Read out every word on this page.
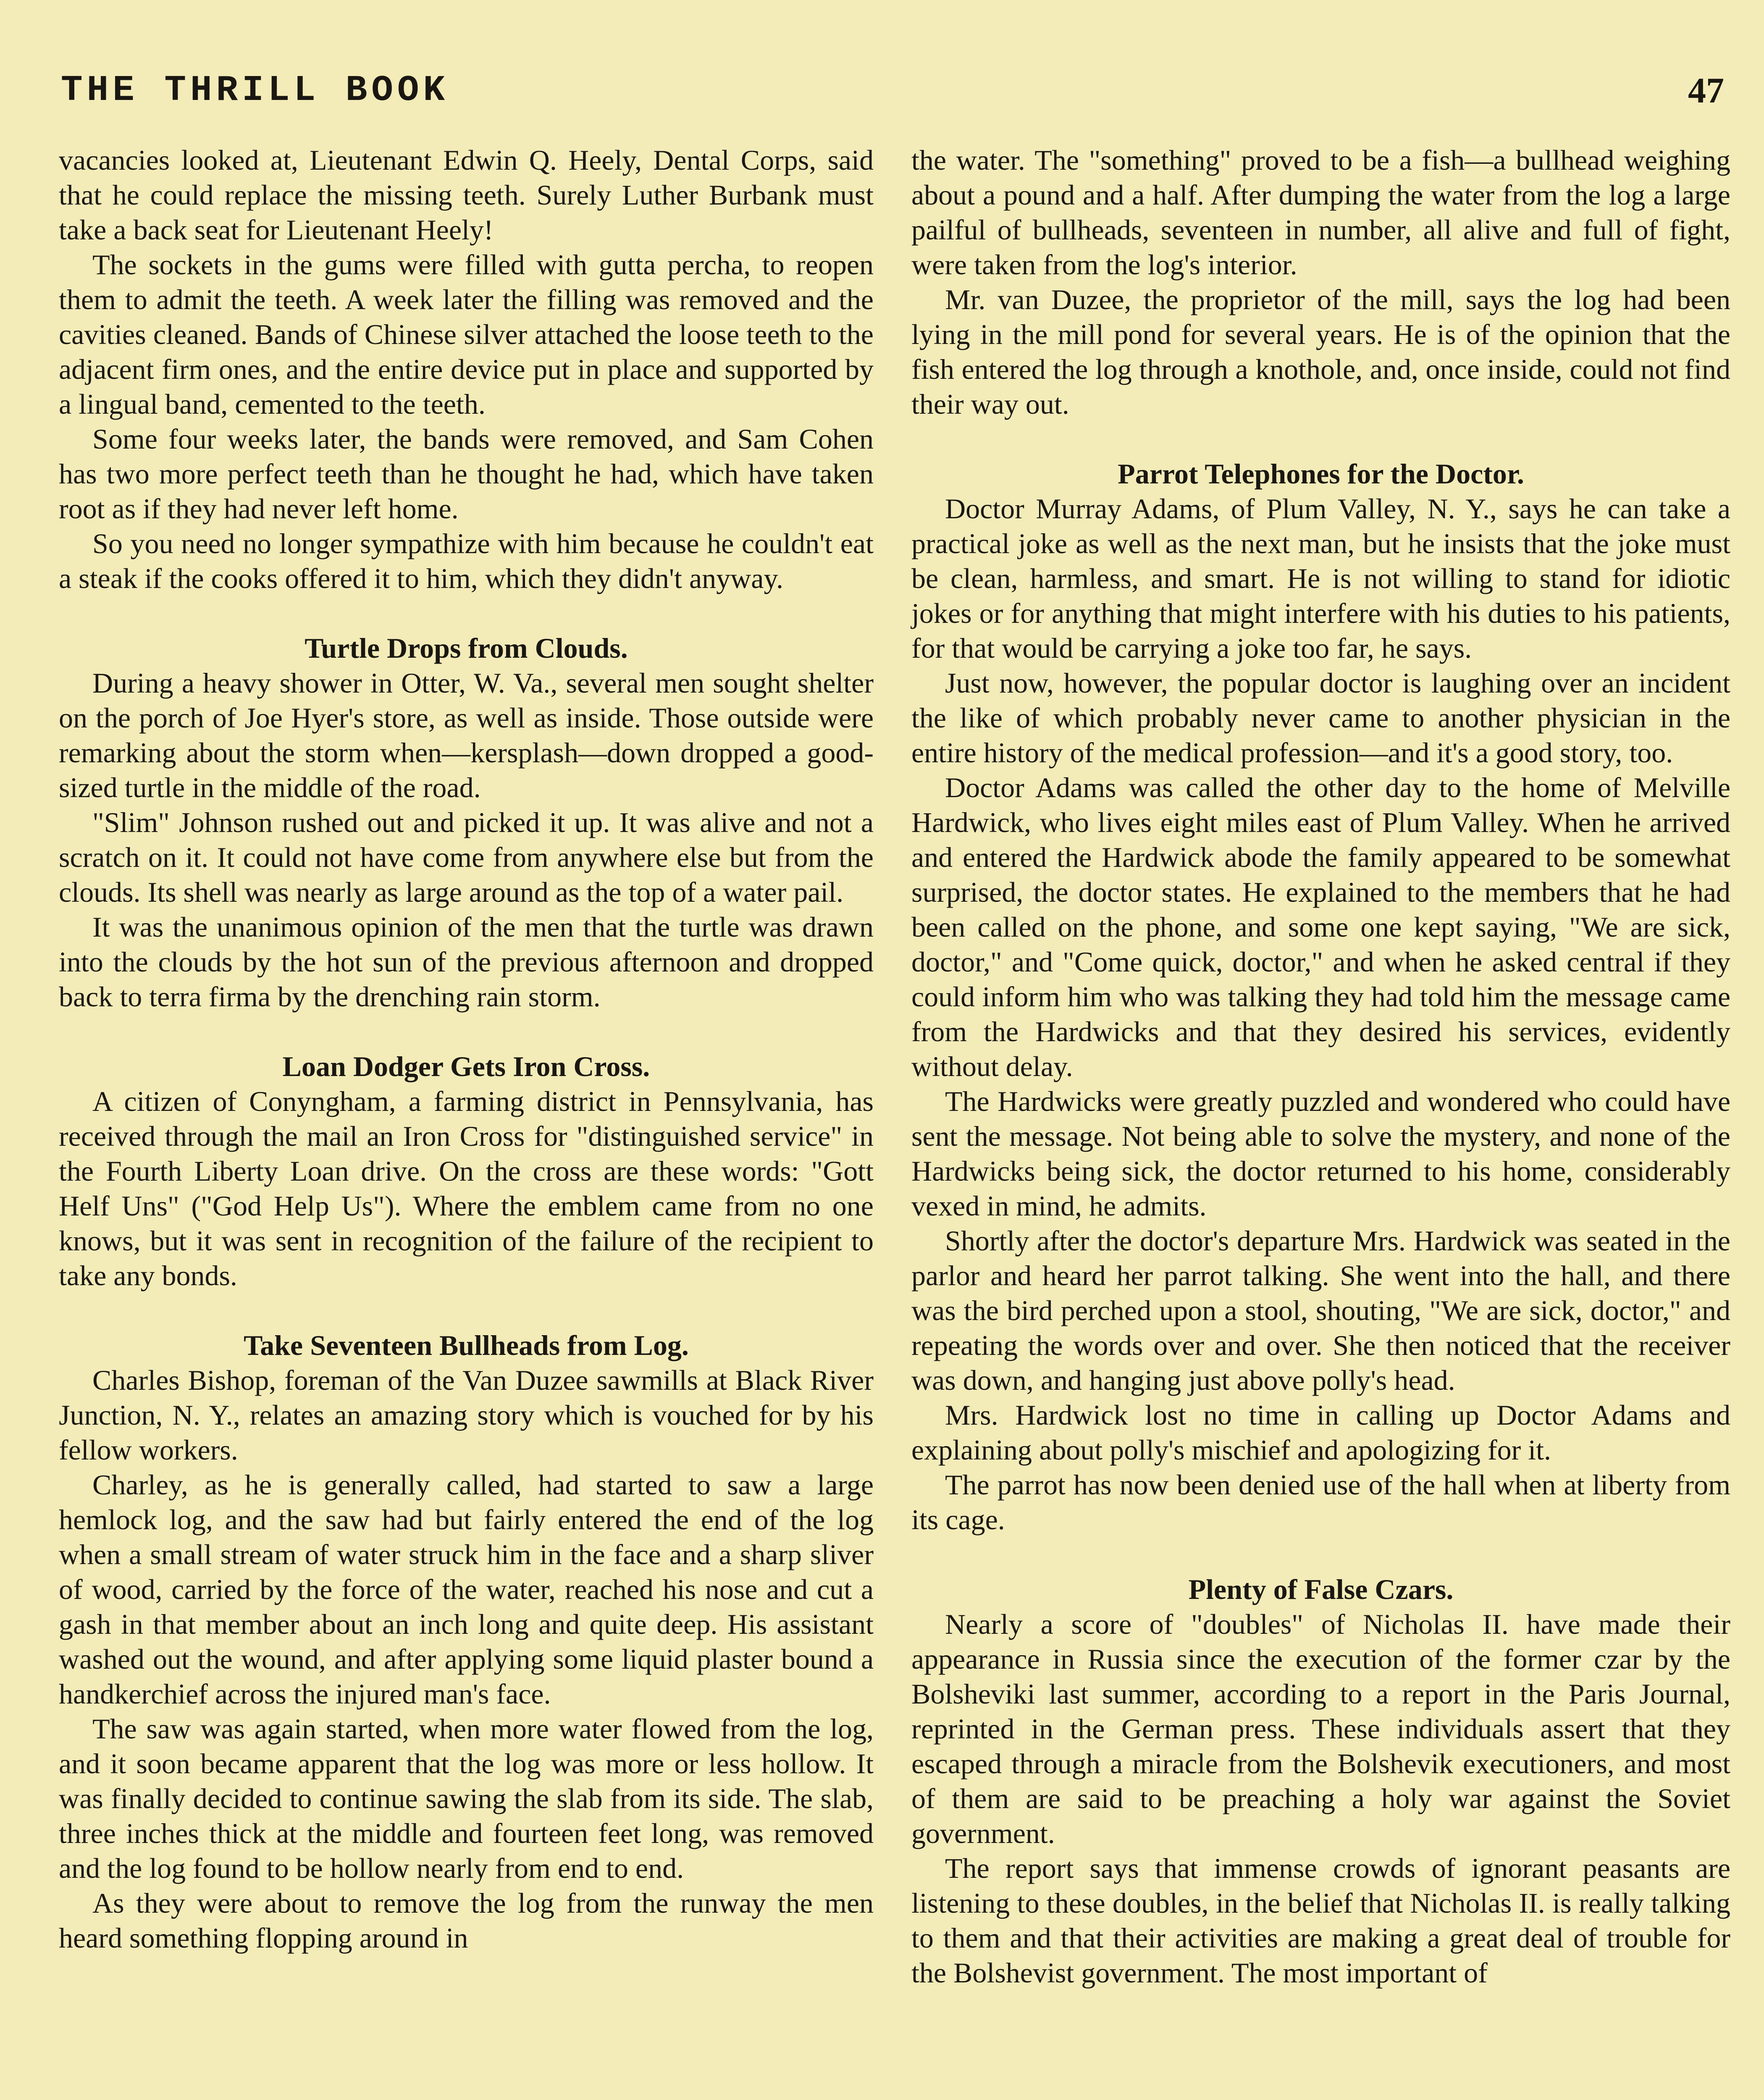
THE THRILL BOOK	47

vacancies looked at, Lieutenant Edwin Q. Heely, Dental Corps, said that he could replace the missing teeth. Surely Luther Burbank must take a back seat for Lieutenant Heely!

The sockets in the gums were filled with gutta percha, to reopen them to admit the teeth. A week later the filling was removed and the cavities cleaned. Bands of Chinese silver attached the loose teeth to the adjacent firm ones, and the entire device put in place and supported by a lingual band, cemented to the teeth.

Some four weeks later, the bands were removed, and Sam Cohen has two more perfect teeth than he thought he had, which have taken root as if they had never left home.

So you need no longer sympathize with him because he couldn't eat a steak if the cooks offered it to him, which they didn't anyway.

Turtle Drops from Clouds.

During a heavy shower in Otter, W. Va., several men sought shelter on the porch of Joe Hyer's store, as well as inside. Those outside were remarking about the storm when—kersplash—down dropped a good-sized turtle in the middle of the road.

"Slim" Johnson rushed out and picked it up. It was alive and not a scratch on it. It could not have come from anywhere else but from the clouds. Its shell was nearly as large around as the top of a water pail.

It was the unanimous opinion of the men that the turtle was drawn into the clouds by the hot sun of the previous afternoon and dropped back to terra firma by the drenching rain storm.

Loan Dodger Gets Iron Cross.

A citizen of Conyngham, a farming district in Pennsylvania, has received through the mail an Iron Cross for "distinguished service" in the Fourth Liberty Loan drive. On the cross are these words: "Gott Helf Uns" ("God Help Us"). Where the emblem came from no one knows, but it was sent in recognition of the failure of the recipient to take any bonds.

Take Seventeen Bullheads from Log.

Charles Bishop, foreman of the Van Duzee sawmills at Black River Junction, N. Y., relates an amazing story which is vouched for by his fellow workers.

Charley, as he is generally called, had started to saw a large hemlock log, and the saw had but fairly entered the end of the log when a small stream of water struck him in the face and a sharp sliver of wood, carried by the force of the water, reached his nose and cut a gash in that member about an inch long and quite deep. His assistant washed out the wound, and after applying some liquid plaster bound a handkerchief across the injured man's face.

The saw was again started, when more water flowed from the log, and it soon became apparent that the log was more or less hollow. It was finally decided to continue sawing the slab from its side. The slab, three inches thick at the middle and fourteen feet long, was removed and the log found to be hollow nearly from end to end.

As they were about to remove the log from the runway the men heard something flopping around in

the water. The "something" proved to be a fish—a bullhead weighing about a pound and a half. After dumping the water from the log a large pailful of bullheads, seventeen in number, all alive and full of fight, were taken from the log's interior.

Mr. van Duzee, the proprietor of the mill, says the log had been lying in the mill pond for several years. He is of the opinion that the fish entered the log through a knothole, and, once inside, could not find their way out.

Parrot Telephones for the Doctor.

Doctor Murray Adams, of Plum Valley, N. Y., says he can take a practical joke as well as the next man, but he insists that the joke must be clean, harmless, and smart. He is not willing to stand for idiotic jokes or for anything that might interfere with his duties to his patients, for that would be carrying a joke too far, he says.

Just now, however, the popular doctor is laughing over an incident the like of which probably never came to another physician in the entire history of the medical profession—and it's a good story, too.

Doctor Adams was called the other day to the home of Melville Hardwick, who lives eight miles east of Plum Valley. When he arrived and entered the Hardwick abode the family appeared to be somewhat surprised, the doctor states. He explained to the members that he had been called on the phone, and some one kept saying, "We are sick, doctor," and "Come quick, doctor," and when he asked central if they could inform him who was talking they had told him the message came from the Hardwicks and that they desired his services, evidently without delay.

The Hardwicks were greatly puzzled and wondered who could have sent the message. Not being able to solve the mystery, and none of the Hardwicks being sick, the doctor returned to his home, considerably vexed in mind, he admits.

Shortly after the doctor's departure Mrs. Hardwick was seated in the parlor and heard her parrot talking. She went into the hall, and there was the bird perched upon a stool, shouting, "We are sick, doctor," and repeating the words over and over. She then noticed that the receiver was down, and hanging just above polly's head.

Mrs. Hardwick lost no time in calling up Doctor Adams and explaining about polly's mischief and apologizing for it.

The parrot has now been denied use of the hall when at liberty from its cage.

Plenty of False Czars.

Nearly a score of "doubles" of Nicholas II. have made their appearance in Russia since the execution of the former czar by the Bolsheviki last summer, according to a report in the Paris Journal, reprinted in the German press. These individuals assert that they escaped through a miracle from the Bolshevik executioners, and most of them are said to be preaching a holy war against the Soviet government.

The report says that immense crowds of ignorant peasants are listening to these doubles, in the belief that Nicholas II. is really talking to them and that their activities are making a great deal of trouble for the Bolshevist government. The most important of
